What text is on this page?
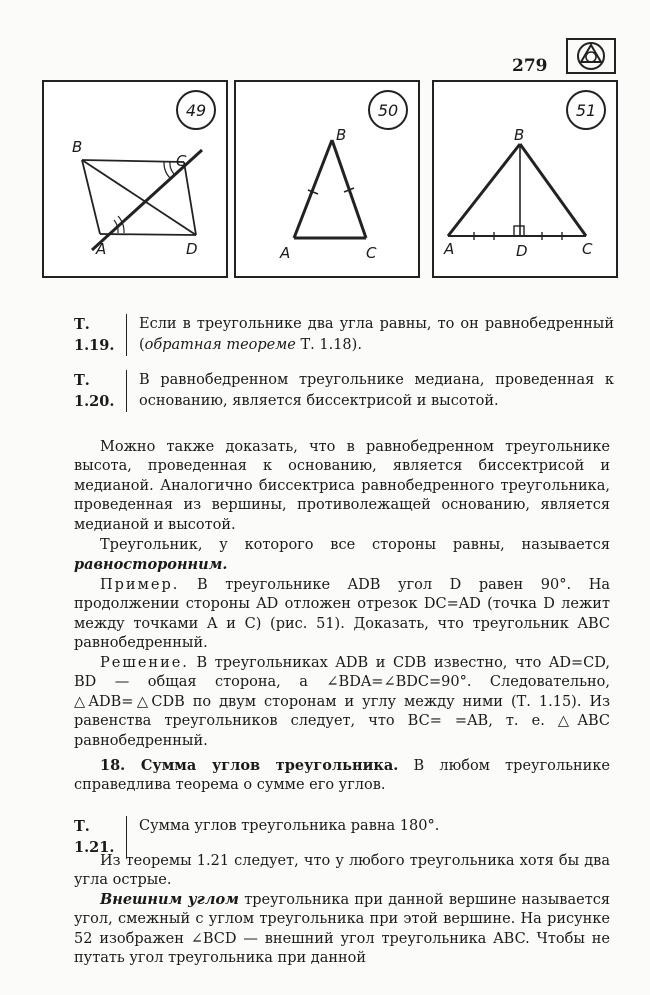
279
49
B
C
A	D
50
B
A	C
51
B
A	D	C
Т. 1.19.
Если в треугольнике два угла равны, то он равнобедренный (обратная теореме Т. 1.18).
Т. 1.20.
В равнобедренном треугольнике медиана, проведенная к основанию, является биссектрисой и высотой.
Можно также доказать, что в равнобедренном треугольнике высота, проведенная к основанию, является биссектрисой и медианой. Аналогично биссектриса равнобедренного треугольника, проведенная из вершины, противолежащей основанию, является медианой и высотой.
Треугольник, у которого все стороны равны, называется равносторонним.
Пример. В треугольнике ADB угол D равен 90°. На продолжении стороны AD отложен отрезок DC=AD (точка D лежит между точками A и C) (рис. 51). Доказать, что треугольник ABC равнобедренный.
Решение. В треугольниках ADB и CDB известно, что AD=CD, BD — общая сторона, а ∠BDA=∠BDC=90°. Следовательно, △ADB=△CDB по двум сторонам и углу между ними (Т. 1.15). Из равенства треугольников следует, что BC= =AB, т. е. △ABC равнобедренный.
18. Сумма углов треугольника. В любом треугольнике справедлива теорема о сумме его углов.
Т. 1.21.
Сумма углов треугольника равна 180°.
Из теоремы 1.21 следует, что у любого треугольника хотя бы два угла острые.
Внешним углом треугольника при данной вершине называется угол, смежный с углом треугольника при этой вершине. На рисунке 52 изображен ∠BCD — внешний угол треугольника ABC. Чтобы не путать угол треугольника при данной
